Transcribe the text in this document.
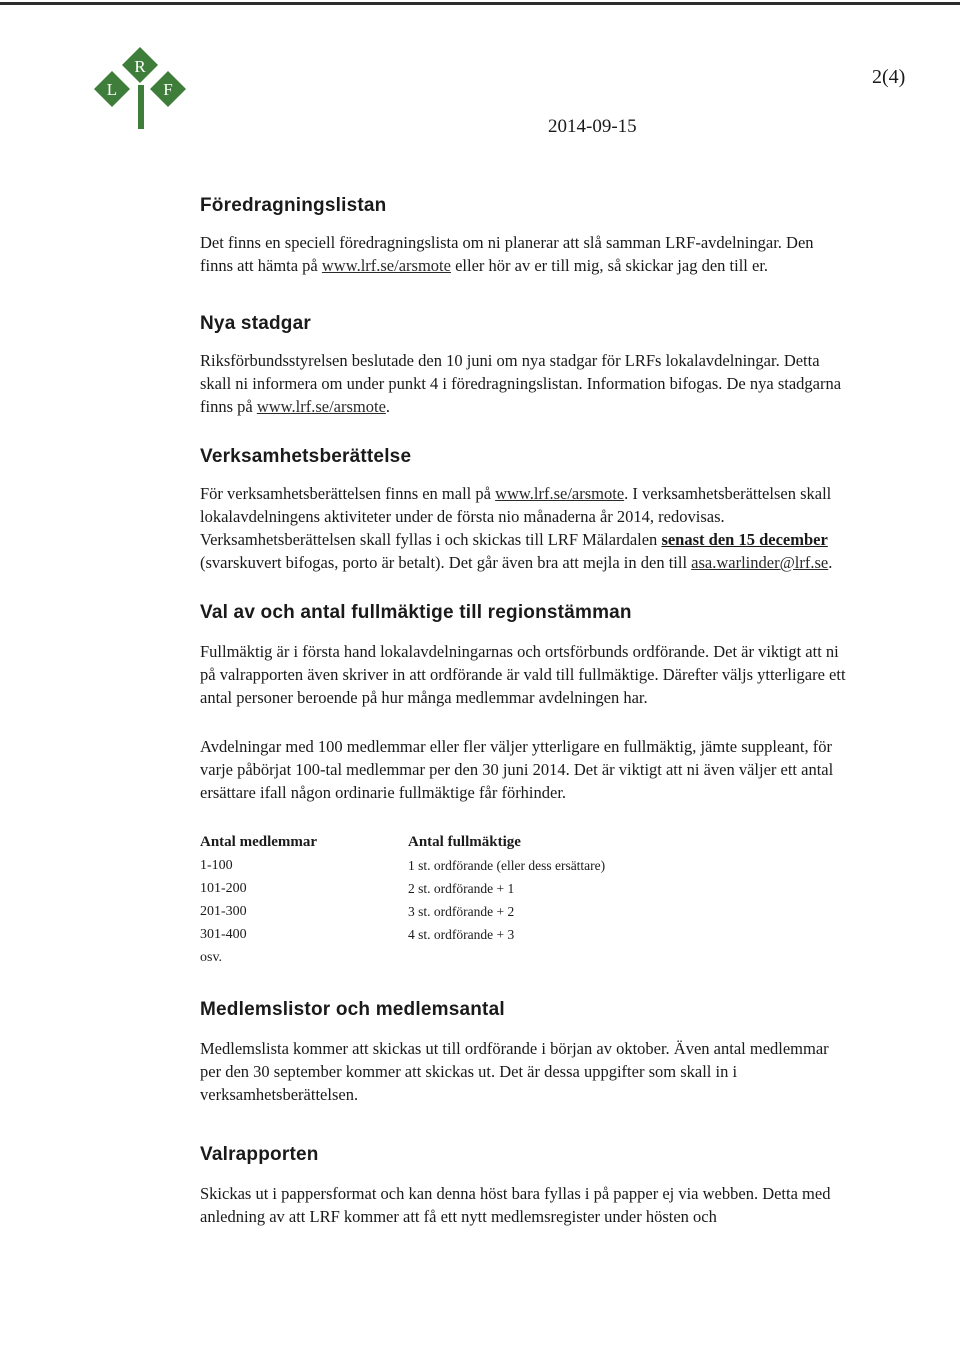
R
L	F
2(4)
2014-09-15
Föredragningslistan

Det finns en speciell föredragningslista om ni planerar att slå samman LRF-avdelningar. Den finns att hämta på www.lrf.se/arsmote eller hör av er till mig, så skickar jag den till er.

Nya stadgar

Riksförbundsstyrelsen beslutade den 10 juni om nya stadgar för LRFs lokalavdelningar. Detta skall ni informera om under punkt 4 i föredragningslistan. Information bifogas. De nya stadgarna finns på www.lrf.se/arsmote.

Verksamhetsberättelse

För verksamhetsberättelsen finns en mall på www.lrf.se/arsmote. I verksamhetsberättelsen skall lokalavdelningens aktiviteter under de första nio månaderna år 2014, redovisas. Verksamhetsberättelsen skall fyllas i och skickas till LRF Mälardalen senast den 15 december (svarskuvert bifogas, porto är betalt). Det går även bra att mejla in den till asa.warlinder@lrf.se.

Val av och antal fullmäktige till regionstämman

Fullmäktig är i första hand lokalavdelningarnas och ortsförbunds ordförande. Det är viktigt att ni på valrapporten även skriver in att ordförande är vald till fullmäktige. Därefter väljs ytterligare ett antal personer beroende på hur många medlemmar avdelningen har.

Avdelningar med 100 medlemmar eller fler väljer ytterligare en fullmäktig, jämte suppleant, för varje påbörjat 100-tal medlemmar per den 30 juni 2014. Det är viktigt att ni även väljer ett antal ersättare ifall någon ordinarie fullmäktige får förhinder.

Antal medlemmar	Antal fullmäktige
1-100	1 st. ordförande (eller dess ersättare)
101-200	2 st. ordförande + 1
201-300	3 st. ordförande + 2
301-400	4 st. ordförande + 3
osv.
Medlemslistor och medlemsantal

Medlemslista kommer att skickas ut till ordförande i början av oktober. Även antal medlemmar per den 30 september kommer att skickas ut. Det är dessa uppgifter som skall in i verksamhetsberättelsen.

Valrapporten

Skickas ut i pappersformat och kan denna höst bara fyllas i på papper ej via webben. Detta med anledning av att LRF kommer att få ett nytt medlemsregister under hösten och
